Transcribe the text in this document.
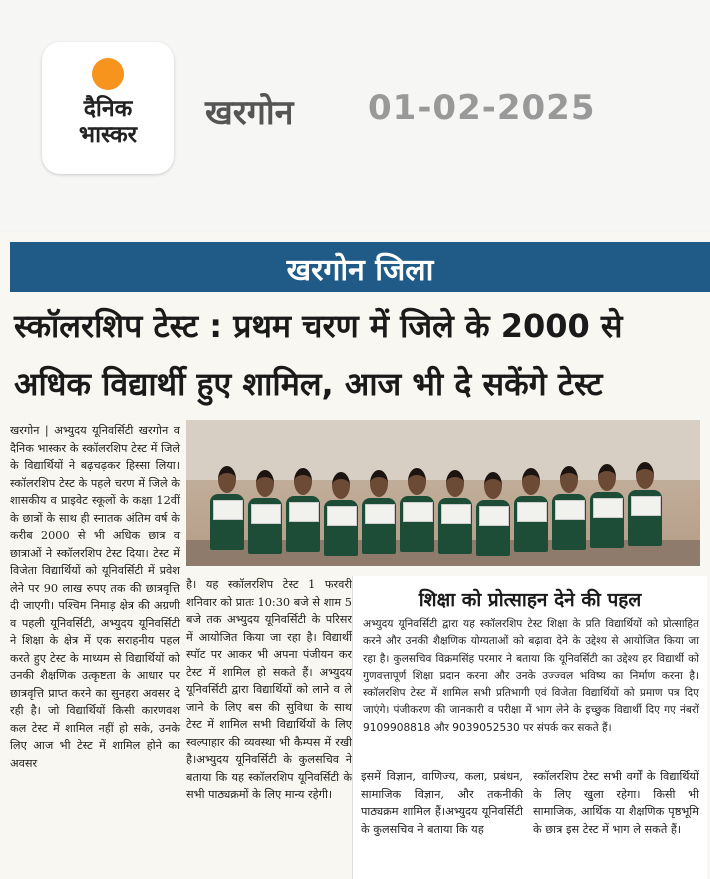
दैनिक
भास्कर
खरगोन 01-02-2025
खरगोन जिला
स्कॉलरशिप टेस्ट : प्रथम चरण में जिले के 2000 से
अधिक विद्यार्थी हुए शामिल, आज भी दे सकेंगे टेस्ट
खरगोन | अभ्युदय यूनिवर्सिटी खरगोन व दैनिक भास्कर के स्कॉलरशिप टेस्ट में जिले के विद्यार्थियों ने बढ़चढ़कर हिस्सा लिया। स्कॉलरशिप टेस्ट के पहले चरण में जिले के शासकीय व प्राइवेट स्कूलों के कक्षा 12वीं के छात्रों के साथ ही स्नातक अंतिम वर्ष के करीब 2000 से भी अधिक छात्र व छात्राओं ने स्कॉलरशिप टेस्ट दिया। टेस्ट में विजेता विद्यार्थियों को यूनिवर्सिटी में प्रवेश लेने पर 90 लाख रुपए तक की छात्रवृत्ति दी जाएगी। पश्चिम निमाड़ क्षेत्र की अग्रणी व पहली यूनिवर्सिटी, अभ्युदय यूनिवर्सिटी ने शिक्षा के क्षेत्र में एक सराहनीय पहल करते हुए टेस्ट के माध्यम से विद्यार्थियों को उनकी शैक्षणिक उत्कृष्टता के आधार पर छात्रवृत्ति प्राप्त करने का सुनहरा अवसर दे रही है। जो विद्यार्थियों किसी कारणवश कल टेस्ट में शामिल नहीं हो सके, उनके लिए आज भी टेस्ट में शामिल होने का अवसर
है। यह स्कॉलरशिप टेस्ट 1 फरवरी शनिवार को प्रातः 10:30 बजे से शाम 5 बजे तक अभ्युदय यूनिवर्सिटी के परिसर में आयोजित किया जा रहा है। विद्यार्थी स्पॉट पर आकर भी अपना पंजीयन कर टेस्ट में शामिल हो सकते हैं। अभ्युदय यूनिवर्सिटी द्वारा विद्यार्थियों को लाने व ले जाने के लिए बस की सुविधा के साथ टेस्ट में शामिल सभी विद्यार्थियों के लिए स्वल्पाहार की व्यवस्था भी कैम्पस में रखी है।अभ्युदय यूनिवर्सिटी के कुलसचिव ने बताया कि यह स्कॉलरशिप यूनिवर्सिटी के सभी पाठ्यक्रमों के लिए मान्य रहेगी।
शिक्षा को प्रोत्साहन देने की पहल
अभ्युदय यूनिवर्सिटी द्वारा यह स्कॉलरशिप टेस्ट शिक्षा के प्रति विद्यार्थियों को प्रोत्साहित करने और उनकी शैक्षणिक योग्यताओं को बढ़ावा देने के उद्देश्य से आयोजित किया जा रहा है। कुलसचिव विक्रमसिंह परमार ने बताया कि यूनिवर्सिटी का उद्देश्य हर विद्यार्थी को गुणवत्तापूर्ण शिक्षा प्रदान करना और उनके उज्ज्वल भविष्य का निर्माण करना है। स्कॉलरशिप टेस्ट में शामिल सभी प्रतिभागी एवं विजेता विद्यार्थियों को प्रमाण पत्र दिए जाएंगे। पंजीकरण की जानकारी व परीक्षा में भाग लेने के इच्छुक विद्यार्थी दिए गए नंबरों 9109908818 और 9039052530 पर संपर्क कर सकते हैं।
इसमें विज्ञान, वाणिज्य, कला, प्रबंधन, सामाजिक विज्ञान, और तकनीकी पाठ्यक्रम शामिल हैं।अभ्युदय यूनिवर्सिटी के कुलसचिव ने बताया कि यह
स्कॉलरशिप टेस्ट सभी वर्गों के विद्यार्थियों के लिए खुला रहेगा। किसी भी सामाजिक, आर्थिक या शैक्षणिक पृष्ठभूमि के छात्र इस टेस्ट में भाग ले सकते हैं।
